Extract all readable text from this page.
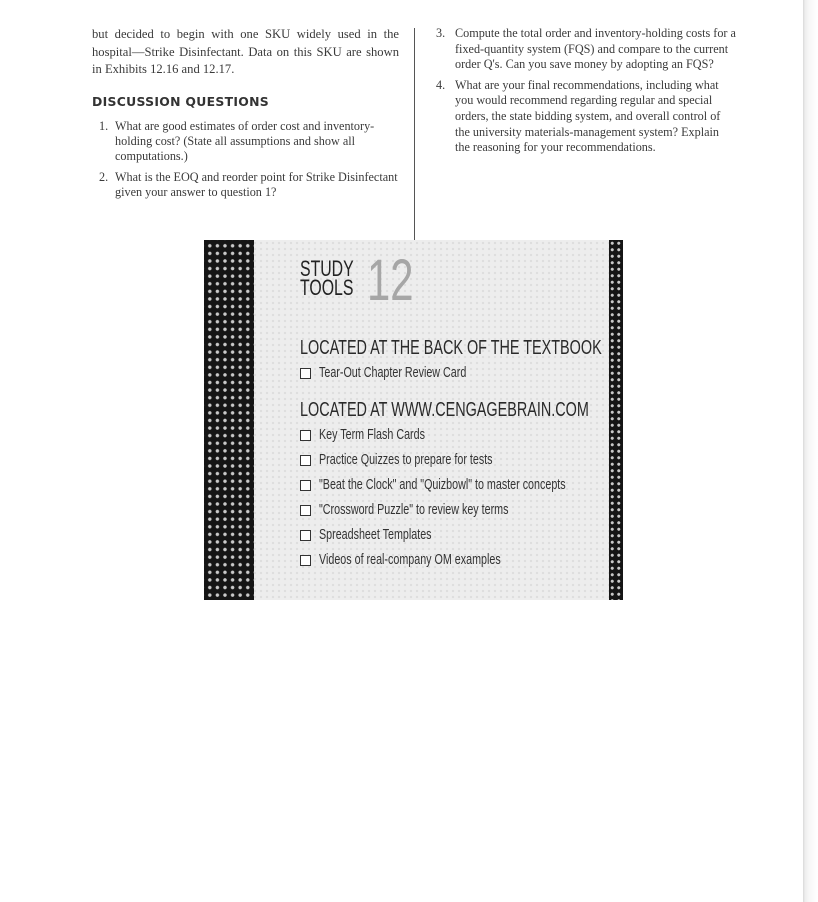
but decided to begin with one SKU widely used in the hospital—Strike Disinfectant. Data on this SKU are shown in Exhibits 12.16 and 12.17.

DISCUSSION QUESTIONS
1. What are good estimates of order cost and inventory-holding cost? (State all assumptions and show all computations.)
2. What is the EOQ and reorder point for Strike Disinfectant given your answer to question 1?
3. Compute the total order and inventory-holding costs for a fixed-quantity system (FQS) and compare to the current order Q's. Can you save money by adopting an FQS?
4. What are your final recommendations, including what you would recommend regarding regular and special orders, the state bidding system, and overall control of the university materials-management system? Explain the reasoning for your recommendations.
STUDY
TOOLS 12
LOCATED AT THE BACK OF THE TEXTBOOK
Tear-Out Chapter Review Card
LOCATED AT WWW.CENGAGEBRAIN.COM
Key Term Flash Cards
Practice Quizzes to prepare for tests
"Beat the Clock" and "Quizbowl" to master concepts
"Crossword Puzzle" to review key terms
Spreadsheet Templates
Videos of real-company OM examples
